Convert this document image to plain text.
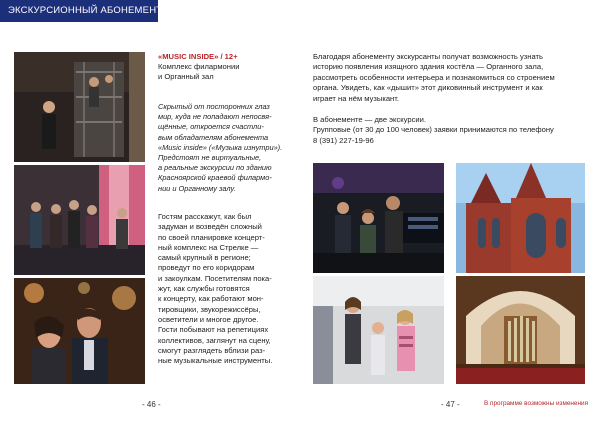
ЭКСКУРСИОННЫЙ АБОНЕМЕНТ
«MUSIC INSIDE» / 12+
Комплекс филармонии
и Органный зал
Скрытый от посторонних глаз
мир, куда не попадают непосвя-
щённые, откроется счастли-
вым обладателям абонемента
«Music inside» («Музыка изнутри»).
Предстоят не виртуальные,
а реальные экскурсии по зданию
Красноярской краевой филармо-
нии и Органному залу.
Гостям расскажут, как был
задуман и возведён сложный
по своей планировке концерт-
ный комплекс на Стрелке —
самый крупный в регионе;
проведут по его коридорам
и закоулкам. Посетителям пока-
жут, как службы готовятся
к концерту, как работают мон-
тировщики, звукорежиссёры,
осветители и многое другое.
Гости побывают на репетициях
коллективов, заглянут на сцену,
смогут разглядеть вблизи раз-
ные музыкальные инструменты.
Благодаря абонементу экскурсанты получат возможность узнать
историю появления изящного здания костёла — Органного зала,
рассмотреть особенности интерьера и познакомиться со строением
органа. Увидеть, как «дышит» этот диковинный инструмент и как
играет на нём музыкант.
В абонементе — две экскурсии.
Групповые (от 30 до 100 человек) заявки принимаются по телефону
8 (391) 227-19-96
- 46 -	- 47 -	В программе возможны изменения
